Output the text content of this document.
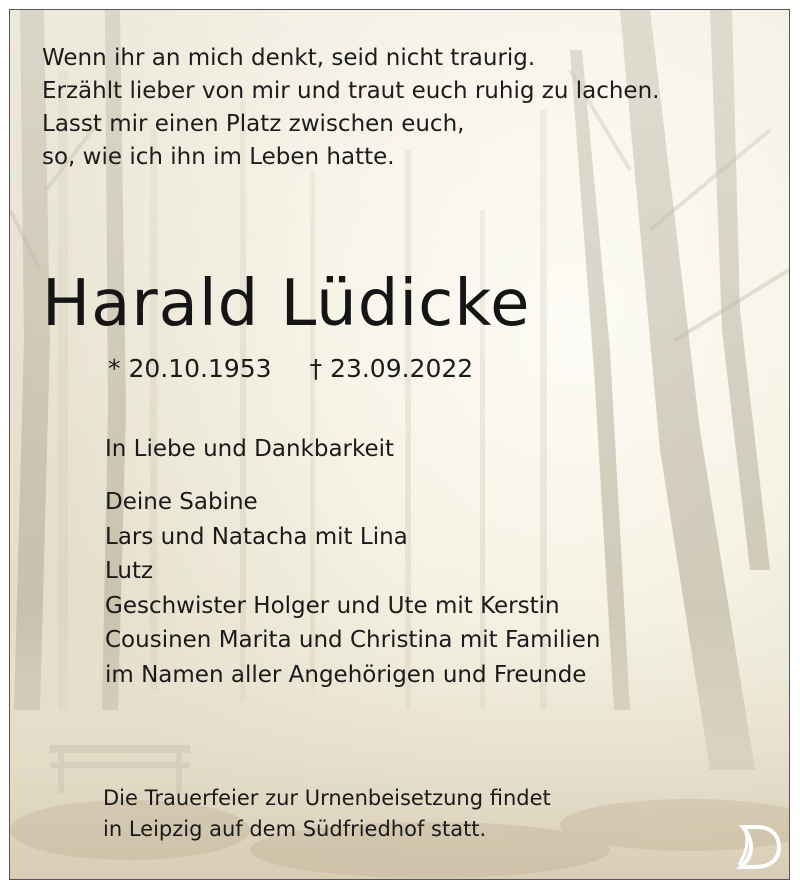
Wenn ihr an mich denkt, seid nicht traurig.
Erzählt lieber von mir und traut euch ruhig zu lachen.
Lasst mir einen Platz zwischen euch,
so, wie ich ihn im Leben hatte.
Harald Lüdicke
* 20.10.1953 † 23.09.2022
In Liebe und Dankbarkeit
Deine Sabine
Lars und Natacha mit Lina
Lutz
Geschwister Holger und Ute mit Kerstin
Cousinen Marita und Christina mit Familien
im Namen aller Angehörigen und Freunde
Die Trauerfeier zur Urnenbeisetzung findet
in Leipzig auf dem Südfriedhof statt.
